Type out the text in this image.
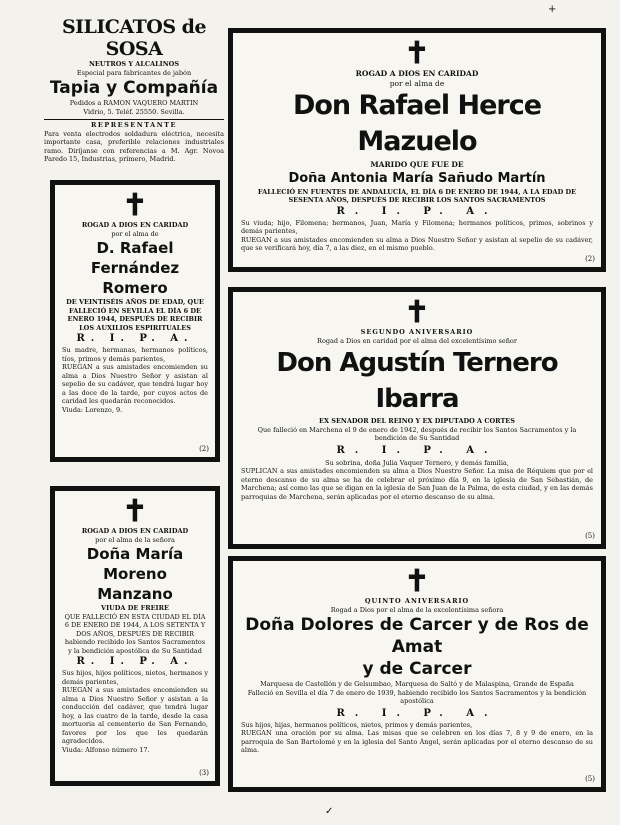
+
✓
SILICATOS de SOSA
NEUTROS Y ALCALINOS
Especial para fabricantes de jabón
Tapia y Compañía
Pedidos a RAMON VAQUERO MARTIN
Vidrio, 5. Teléf. 25550. Sevilla.
REPRESENTANTE

Para venta electrodos soldadura eléctrica, necesita importante casa, preferible relaciones industriales ramo. Diríjanse con referencias a M. Agr. Novoa Paredo 15, Industrias, primero, Madrid.

✝
ROGAD A DIOS EN CARIDAD
por el alma de
Don Rafael Herce Mazuelo
MARIDO QUE FUE DE
Doña Antonia María Sañudo Martín

FALLECIÓ EN FUENTES DE ANDALUCÍA, EL DÍA 6 DE ENERO DE 1944, A LA EDAD DE SESENTA AÑOS, DESPUÉS DE RECIBIR LOS SANTOS SACRAMENTOS

R. I. P. A.

Su viuda; hijo, Filomena; hermanos, Juan, María y Filomena; hermanos políticos, primos, sobrinos y demás parientes,

RUEGAN a sus amistades encomienden su alma a Dios Nuestro Señor y asistan al sepelio de su cadáver, que se verificará hoy, día 7, a las diez, en el mismo pueblo.

(2)
✝
ROGAD A DIOS EN CARIDAD
por el alma de
D. Rafael Fernández
Romero

DE VEINTISÉIS AÑOS DE EDAD, QUE FALLECIÓ EN SEVILLA EL DÍA 6 DE ENERO 1944, DESPUÉS DE RECIBIR LOS AUXILIOS ESPIRITUALES

R. I. P. A.

Su madre, hermanas, hermanos políticos, tíos, primos y demás parientes,

RUEGAN a sus amistades encomienden su alma a Dios Nuestro Señor y asistan al sepelio de su cadáver, que tendrá lugar hoy a las doce de la tarde, por cuyos actos de caridad les quedarán reconocidos.

Viuda: Lorenzo, 9.

(2)
✝
SEGUNDO ANIVERSARIO
Rogad a Dios en caridad por el alma del excelentísimo señor
Don Agustín Ternero Ibarra
EX SENADOR DEL REINO Y EX DIPUTADO A CORTES

Que falleció en Marchena el 9 de enero de 1942, después de recibir los Santos Sacramentos y la bendición de Su Santidad

R. I. P. A.

Su sobrina, doña Julia Vaquer Ternero, y demás familia,

SUPLICAN a sus amistades encomienden su alma a Dios Nuestro Señor. La misa de Réquiem que por el eterno descanso de su alma se ha de celebrar el próximo día 9, en la iglesia de San Sebastián, de Marchena; así como las que se digan en la iglesia de San Juan de la Palma, de esta ciudad, y en las demás parroquias de Marchena, serán aplicadas por el eterno descanso de su alma.

(5)
✝
ROGAD A DIOS EN CARIDAD
por el alma de la señora
Doña María Moreno
Manzano
VIUDA DE FREIRE

QUE FALLECIÓ EN ESTA CIUDAD EL DÍA 6 DE ENERO DE 1944, A LOS SETENTA Y DOS AÑOS, DESPUÉS DE RECIBIR

habiendo recibido los Santos Sacramentos y la bendición apostólica de Su Santidad

R. I. P. A.

Sus hijos, hijos políticos, nietos, hermanos y demás parientes,

RUEGAN a sus amistades encomienden su alma a Dios Nuestro Señor y asistan a la conducción del cadáver, que tendrá lugar hoy, a las cuatro de la tarde, desde la casa mortuoria al cementerio de San Fernando, favores por los que les quedarán agradecidos.

Viuda: Alfonso número 17.

(3)
✝
QUINTO ANIVERSARIO
Rogad a Dios por el alma de la excelentísima señora
Doña Dolores de Carcer y de Ros de Amat
y de Carcer

Marquesa de Castellón y de Gelsumbao, Marquesa de Saltó y de Malaspina, Grande de España

Falleció en Sevilla el día 7 de enero de 1939, habiendo recibido los Santos Sacramentos y la bendición apostólica

R. I. P. A.

Sus hijos, hijas, hermanos políticos, nietos, primos y demás parientes,

RUEGAN una oración por su alma. Las misas que se celebren en los días 7, 8 y 9 de enero, en la parroquia de San Bartolomé y en la iglesia del Santo Ángel, serán aplicadas por el eterno descanso de su alma.

(5)
